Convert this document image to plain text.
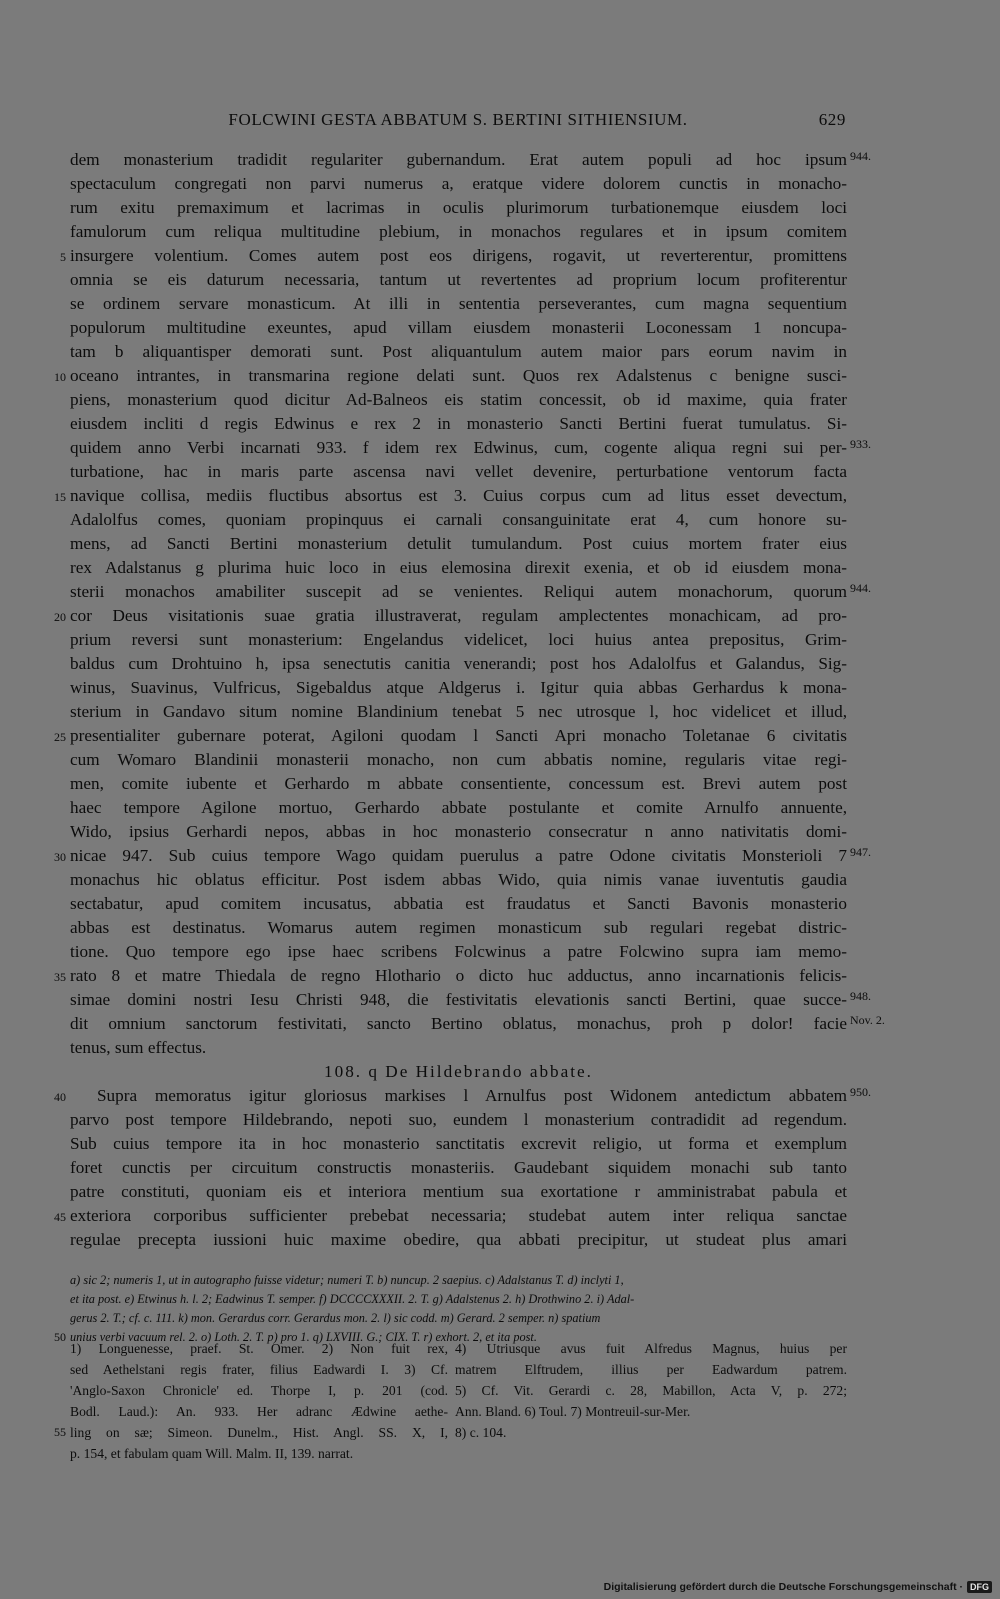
FOLCWINI GESTA ABBATUM S. BERTINI SITHIENSIUM.	629
dem monasterium tradidit regulariter gubernandum. Erat autem populi ad hoc ipsum 944.
spectaculum congregati non parvi numerus a, eratque videre dolorem cunctis in monacho-
rum exitu premaximum et lacrimas in oculis plurimorum turbationemque eiusdem loci
famulorum cum reliqua multitudine plebium, in monachos regulares et in ipsum comitem
5 insurgere volentium. Comes autem post eos dirigens, rogavit, ut reverterentur, promittens
omnia se eis daturum necessaria, tantum ut revertentes ad proprium locum profiterentur
se ordinem servare monasticum. At illi in sententia perseverantes, cum magna sequentium
populorum multitudine exeuntes, apud villam eiusdem monasterii Loconessam 1 noncupa-
tam b aliquantisper demorati sunt. Post aliquantulum autem maior pars eorum navim in
10 oceano intrantes, in transmarina regione delati sunt. Quos rex Adalstenus c benigne susci-
piens, monasterium quod dicitur Ad-Balneos eis statim concessit, ob id maxime, quia frater
eiusdem incliti d regis Edwinus e rex 2 in monasterio Sancti Bertini fuerat tumulatus. Si-
quidem anno Verbi incarnati 933. f idem rex Edwinus, cum, cogente aliqua regni sui per- 933.
turbatione, hac in maris parte ascensa navi vellet devenire, perturbatione ventorum facta
15 navique collisa, mediis fluctibus absortus est 3. Cuius corpus cum ad litus esset devectum,
Adalolfus comes, quoniam propinquus ei carnali consanguinitate erat 4, cum honore su-
mens, ad Sancti Bertini monasterium detulit tumulandum. Post cuius mortem frater eius
rex Adalstanus g plurima huic loco in eius elemosina direxit exenia, et ob id eiusdem mona-
sterii monachos amabiliter suscepit ad se venientes. Reliqui autem monachorum, quorum 944.
20 cor Deus visitationis suae gratia illustraverat, regulam amplectentes monachicam, ad pro-
prium reversi sunt monasterium: Engelandus videlicet, loci huius antea prepositus, Grim-
baldus cum Drohtuino h, ipsa senectutis canitia venerandi; post hos Adalolfus et Galandus, Sig-
winus, Suavinus, Vulfricus, Sigebaldus atque Aldgerus i. Igitur quia abbas Gerhardus k mona-
sterium in Gandavo situm nomine Blandinium tenebat 5 nec utrosque l, hoc videlicet et illud,
25 presentialiter gubernare poterat, Agiloni quodam l Sancti Apri monacho Toletanae 6 civitatis
cum Womaro Blandinii monasterii monacho, non cum abbatis nomine, regularis vitae regi-
men, comite iubente et Gerhardo m abbate consentiente, concessum est. Brevi autem post
haec tempore Agilone mortuo, Gerhardo abbate postulante et comite Arnulfo annuente,
Wido, ipsius Gerhardi nepos, abbas in hoc monasterio consecratur n anno nativitatis domi-
30 nicae 947. Sub cuius tempore Wago quidam puerulus a patre Odone civitatis Monsterioli 7 947.
monachus hic oblatus efficitur. Post isdem abbas Wido, quia nimis vanae iuventutis gaudia
sectabatur, apud comitem incusatus, abbatia est fraudatus et Sancti Bavonis monasterio
abbas est destinatus. Womarus autem regimen monasticum sub regulari regebat distric-
tione. Quo tempore ego ipse haec scribens Folcwinus a patre Folcwino supra iam memo-
35 rato 8 et matre Thiedala de regno Hlothario o dicto huc adductus, anno incarnationis felicis-
simae domini nostri Iesu Christi 948, die festivitatis elevationis sancti Bertini, quae succe- 948.
dit omnium sanctorum festivitati, sancto Bertino oblatus, monachus, proh p dolor! facie Nov. 2.
tenus, sum effectus.
108. q De Hildebrando abbate.
40	Supra memoratus igitur gloriosus markises l Arnulfus post Widonem antedictum abbatem 950.
parvo post tempore Hildebrando, nepoti suo, eundem l monasterium contradidit ad regendum.
Sub cuius tempore ita in hoc monasterio sanctitatis excrevit religio, ut forma et exemplum
foret cunctis per circuitum constructis monasteriis. Gaudebant siquidem monachi sub tanto
patre constituti, quoniam eis et interiora mentium sua exortatione r amministrabat pabula et
45 exteriora corporibus sufficienter prebebat necessaria; studebat autem inter reliqua sanctae
regulae precepta iussioni huic maxime obedire, qua abbati precipitur, ut studeat plus amari
a) sic 2; numeris 1, ut in autographo fuisse videtur; numeri T. b) nuncup. 2 saepius. c) Adalstanus T. d) inclyti 1,
et ita post. e) Etwinus h. l. 2; Eadwinus T. semper. f) DCCCCXXXII. 2. T. g) Adalstenus 2. h) Drothwino 2. i) Adal-
gerus 2. T.; cf. c. 111. k) mon. Gerardus corr. Gerardus mon. 2. l) sic codd. m) Gerard. 2 semper. n) spatium
50 unius verbi vacuum rel. 2. o) Loth. 2. T. p) pro 1. q) LXVIII. G.; CIX. T. r) exhort. 2, et ita post.
1) Longuenesse, praef. St. Omer. 2) Non fuit rex, 4) Utriusque avus fuit Alfredus Magnus, huius per
sed Aethelstani regis frater, filius Eadwardi I. 3) Cf. matrem Elftrudem, illius per Eadwardum patrem.
'Anglo-Saxon Chronicle' ed. Thorpe I, p. 201 (cod. 5) Cf. Vit. Gerardi c. 28, Mabillon, Acta V, p. 272;
Bodl. Laud.): An. 933. Her adranc Ædwine aethe- Ann. Bland. 6) Toul. 7) Montreuil-sur-Mer.
55 ling on sæ; Simeon. Dunelm., Hist. Angl. SS. X, I, 8) c. 104.
p. 154, et fabulam quam Will. Malm. II, 139. narrat.
Digitalisierung gefördert durch die Deutsche Forschungsgemeinschaft · DFG
